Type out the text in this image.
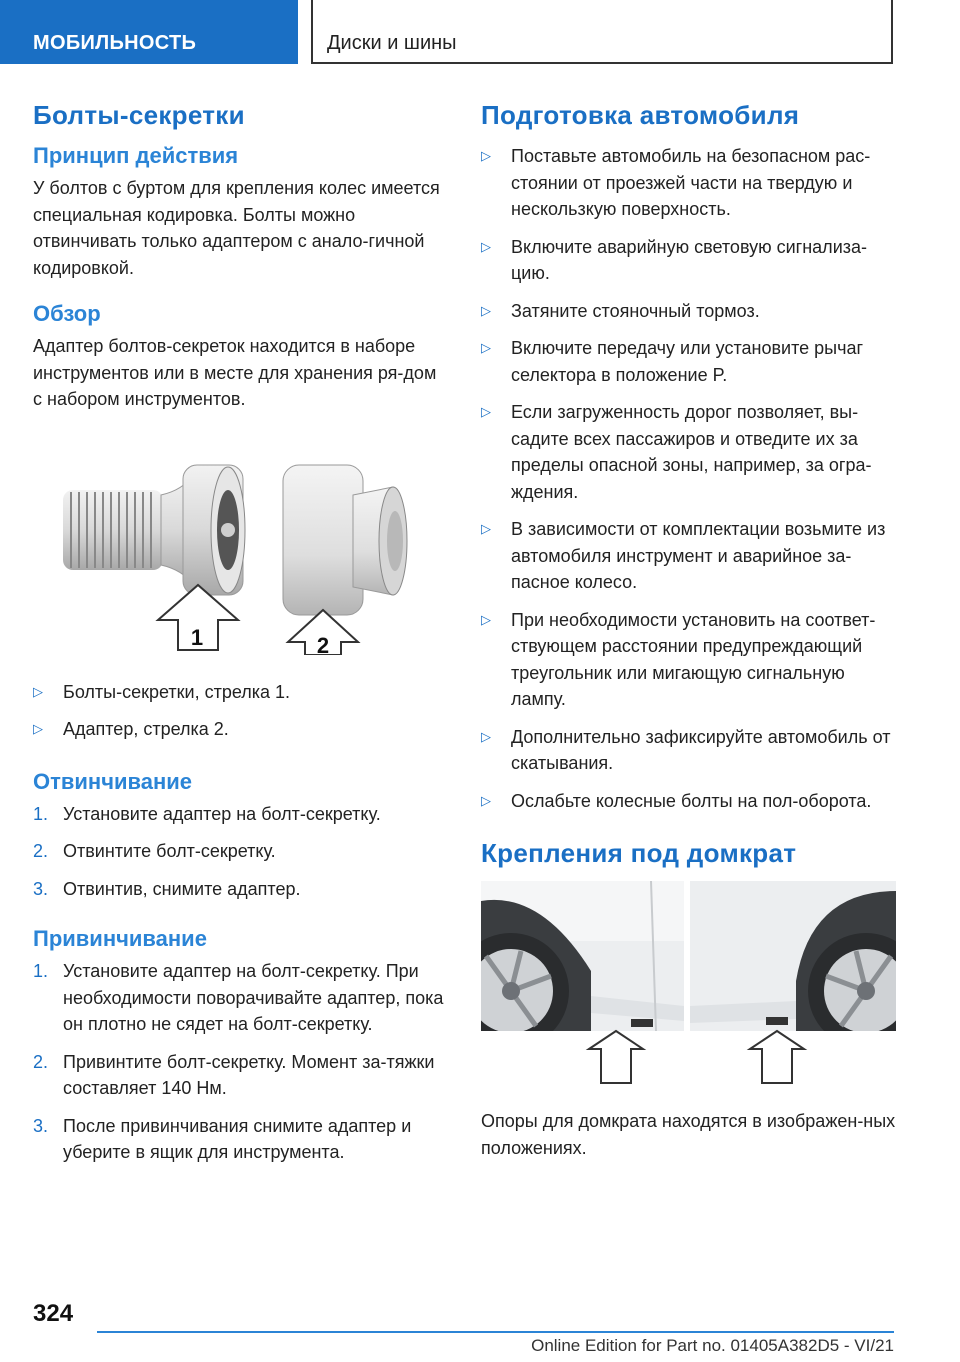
МОБИЛЬНОСТЬ	Диски и шины
Болты-секретки
Принцип действия

У болтов с буртом для крепления колес имеется специальная кодировка. Болты можно отвинчивать только адаптером с анало-гичной кодировкой.

Обзор

Адаптер болтов-секреток находится в наборе инструментов или в месте для хранения ря-дом с набором инструментов.

1	2
▷ Болты-секретки, стрелка 1.
▷ Адаптер, стрелка 2.
Отвинчивание
1. Установите адаптер на болт-секретку.
2. Отвинтите болт-секретку.
3. Отвинтив, снимите адаптер.
Привинчивание
1. Установите адаптер на болт-секретку. При необходимости поворачивайте адаптер, пока он плотно не сядет на болт-секретку.
2. Привинтите болт-секретку. Момент за-тяжки составляет 140 Нм.
3. После привинчивания снимите адаптер и уберите в ящик для инструмента.
Подготовка автомобиля
▷ Поставьте автомобиль на безопасном рас-стоянии от проезжей части на твердую и нескользкую поверхность.
▷ Включите аварийную световую сигнализа-цию.
▷ Затяните стояночный тормоз.
▷ Включите передачу или установите рычаг селектора в положение P.
▷ Если загруженность дорог позволяет, вы-садите всех пассажиров и отведите их за пределы опасной зоны, например, за огра-ждения.
▷ В зависимости от комплектации возьмите из автомобиля инструмент и аварийное за-пасное колесо.
▷ При необходимости установить на соответ-ствующем расстоянии предупреждающий треугольник или мигающую сигнальную лампу.
▷ Дополнительно зафиксируйте автомобиль от скатывания.
▷ Ослабьте колесные болты на пол-оборота.
Крепления под домкрат

Опоры для домкрата находятся в изображен-ных положениях.

324
Online Edition for Part no. 01405A382D5 - VI/21
